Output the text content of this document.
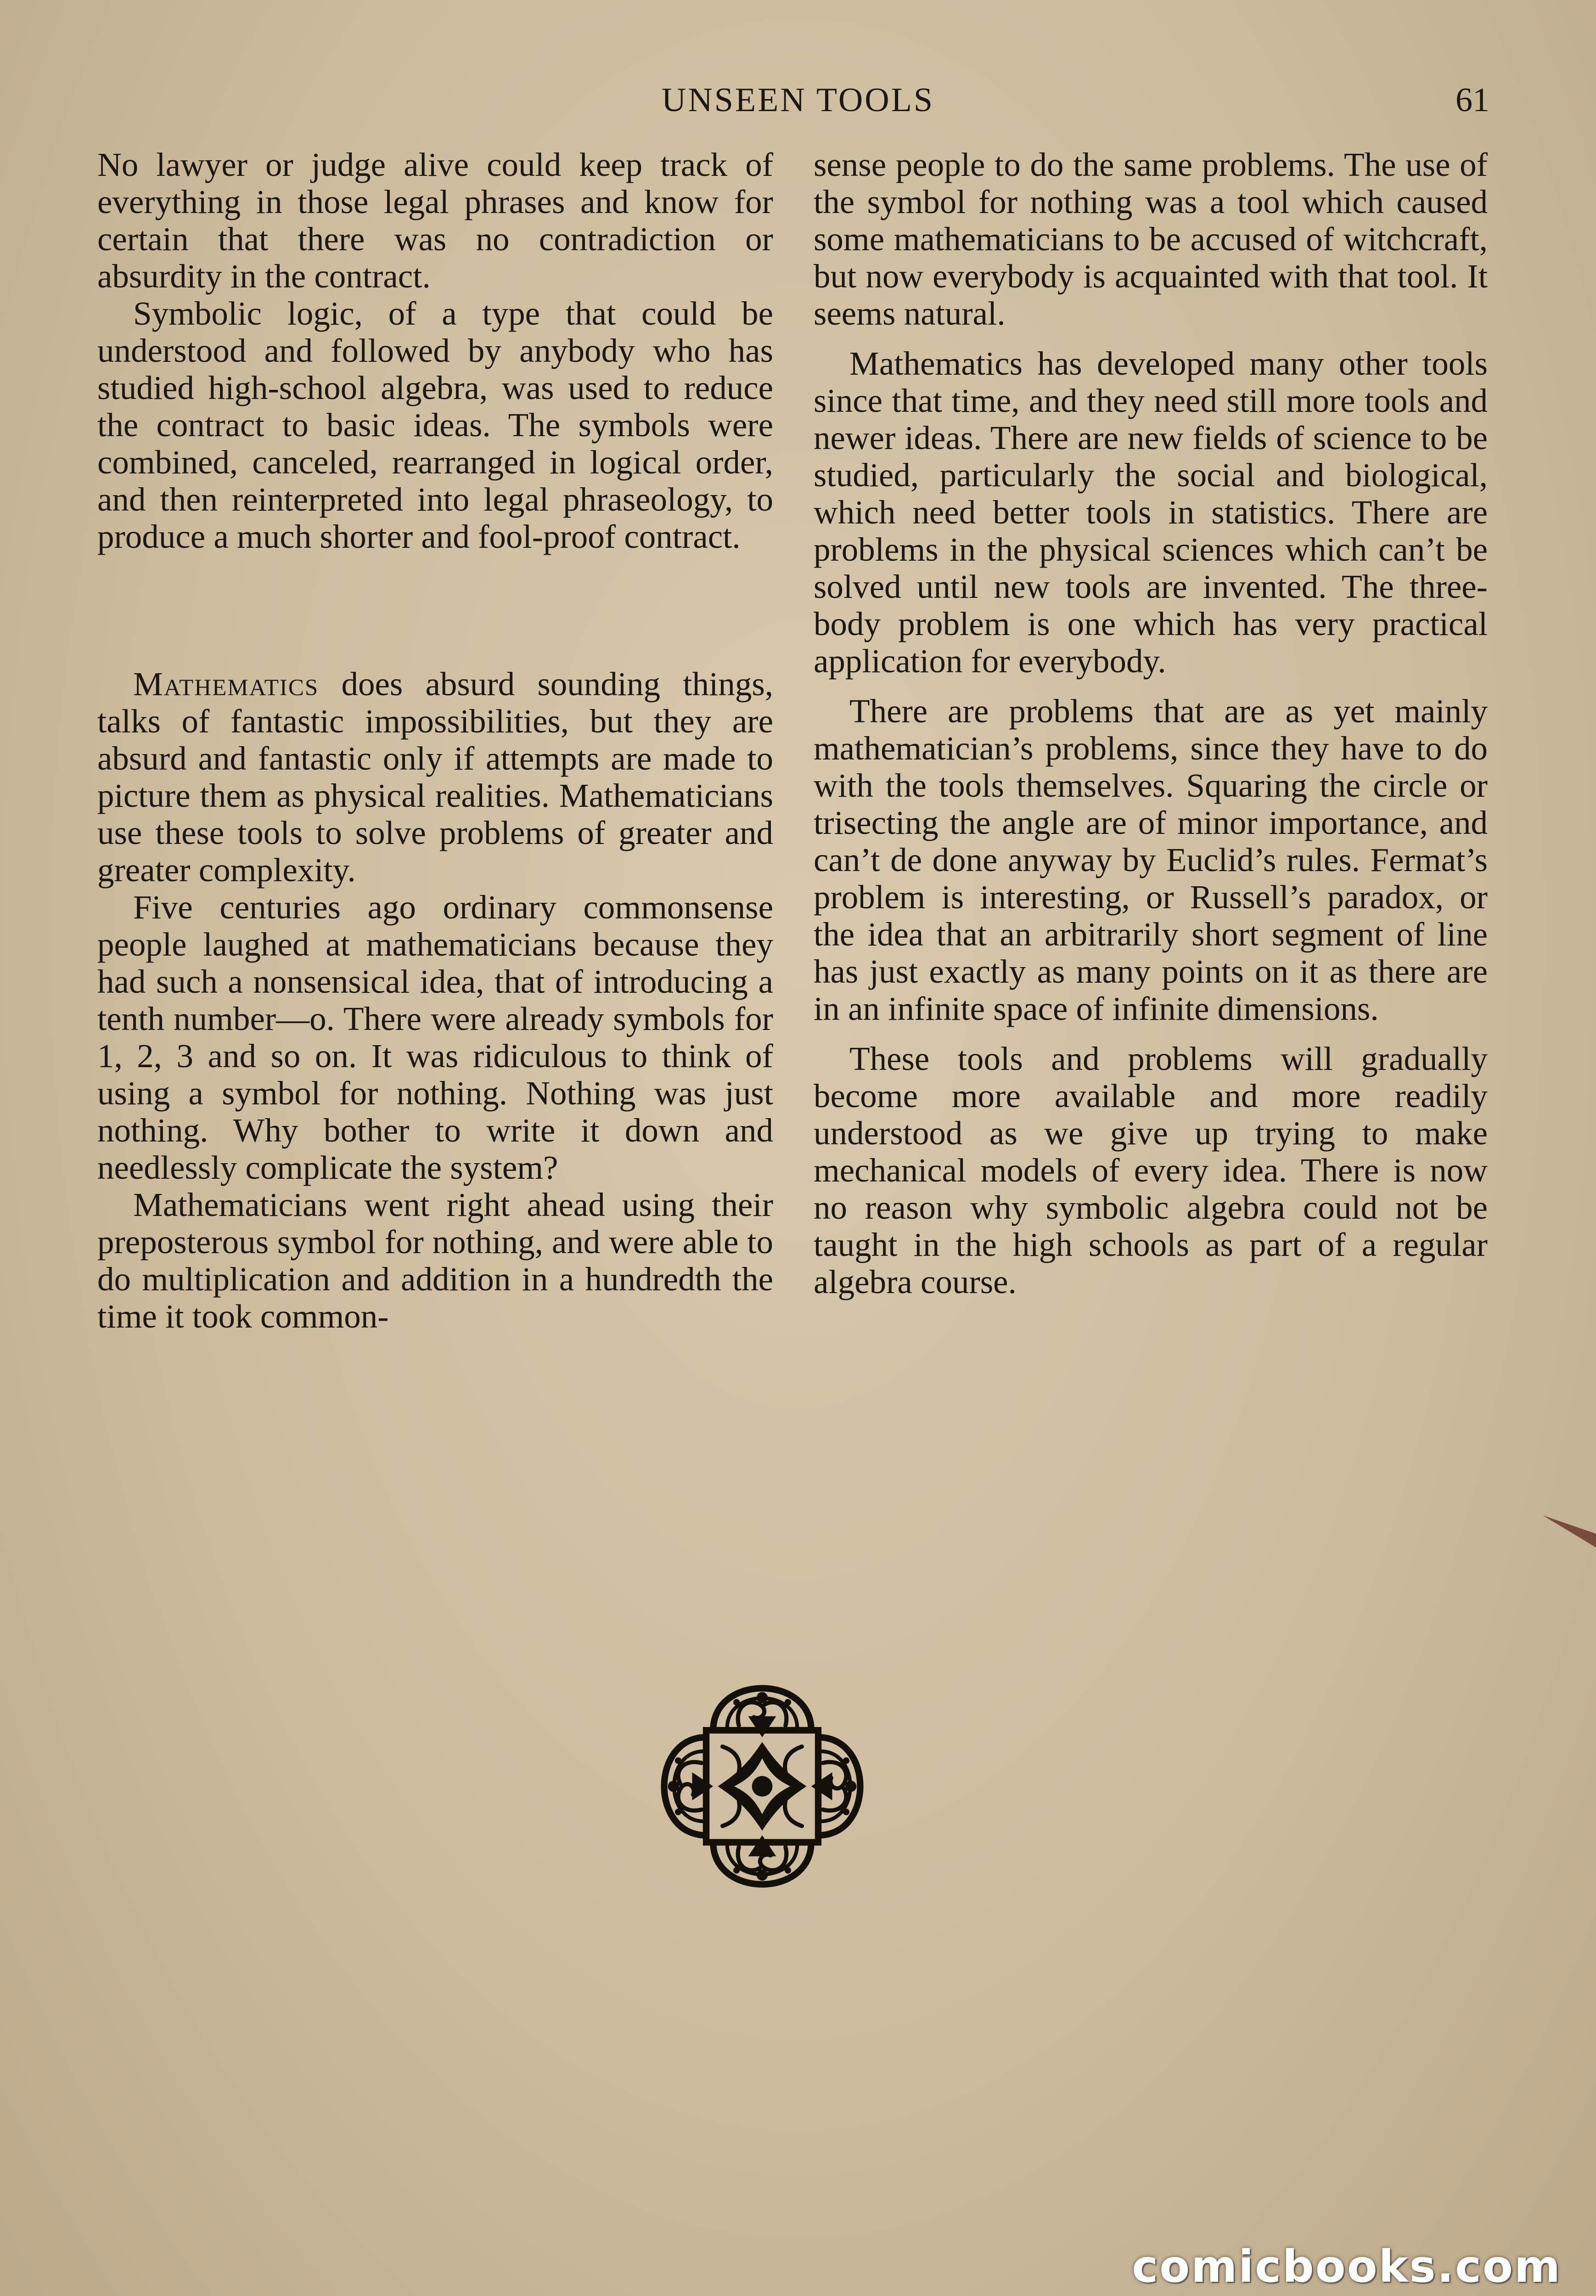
UNSEEN TOOLS	61

No lawyer or judge alive could keep track of everything in those legal phrases and know for certain that there was no contradiction or absurdity in the contract.

Symbolic logic, of a type that could be understood and followed by anybody who has studied high-school algebra, was used to reduce the contract to basic ideas. The symbols were combined, canceled, rearranged in logical order, and then reinterpreted into legal phraseology, to produce a much shorter and fool-proof contract.

Mathematics does absurd sounding things, talks of fantastic impossibilities, but they are absurd and fantastic only if attempts are made to picture them as physical realities. Mathematicians use these tools to solve problems of greater and greater complexity.

Five centuries ago ordinary commonsense people laughed at mathematicians because they had such a nonsensical idea, that of introducing a tenth number—o. There were already symbols for 1, 2, 3 and so on. It was ridiculous to think of using a symbol for nothing. Nothing was just nothing. Why bother to write it down and needlessly complicate the system?

Mathematicians went right ahead using their preposterous symbol for nothing, and were able to do multiplication and addition in a hundredth the time it took common-

sense people to do the same problems. The use of the symbol for nothing was a tool which caused some mathematicians to be accused of witchcraft, but now everybody is acquainted with that tool. It seems natural.

Mathematics has developed many other tools since that time, and they need still more tools and newer ideas. There are new fields of science to be studied, particularly the social and biological, which need better tools in statistics. There are problems in the physical sciences which can’t be solved until new tools are invented. The three-body problem is one which has very practical application for everybody.

There are problems that are as yet mainly mathematician’s problems, since they have to do with the tools themselves. Squaring the circle or trisecting the angle are of minor importance, and can’t de done anyway by Euclid’s rules. Fermat’s problem is interesting, or Russell’s paradox, or the idea that an arbitrarily short segment of line has just exactly as many points on it as there are in an infinite space of infinite dimensions.

These tools and problems will gradually become more available and more readily understood as we give up trying to make mechanical models of every idea. There is now no reason why symbolic algebra could not be taught in the high schools as part of a regular algebra course.

comicbooks.com
